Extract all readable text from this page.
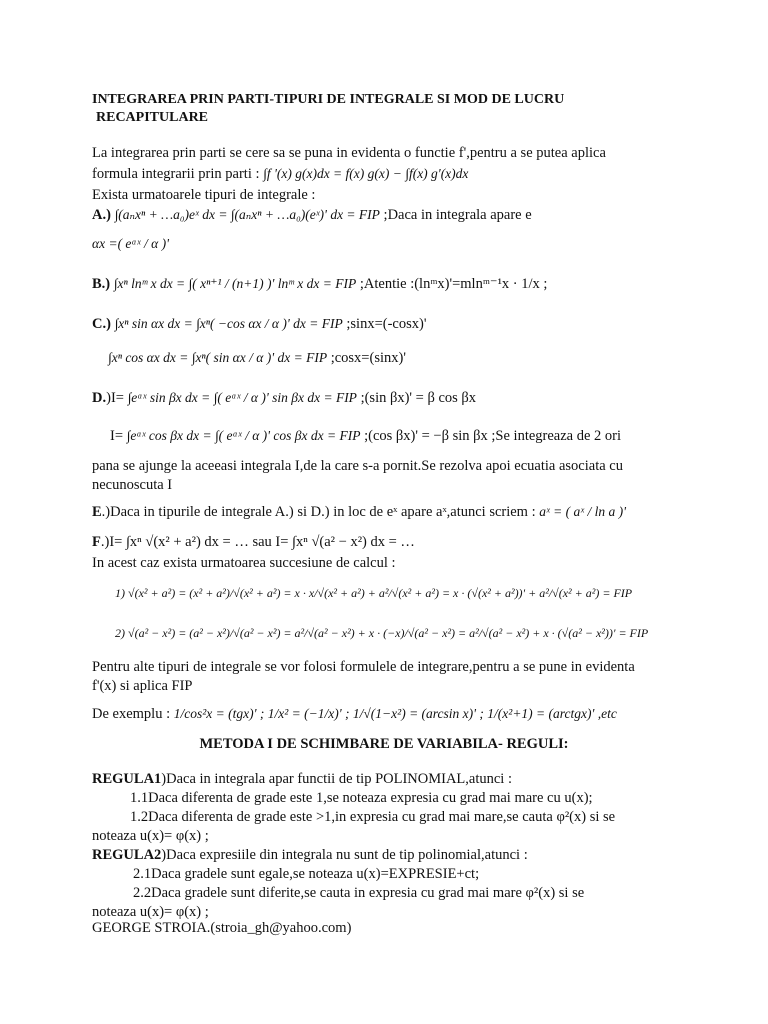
INTEGRAREA PRIN PARTI-TIPURI DE INTEGRALE SI MOD DE LUCRU
RECAPITULARE
La integrarea prin parti se cere sa se puna in evidenta o functie f',pentru a se putea aplica
formula integrarii prin parti : ∫f '(x) g(x)dx = f(x) g(x) − ∫f(x) g'(x)dx
Exista urmatoarele tipuri de integrale :
A.) ∫(aₙxⁿ + …a₀)eˣ dx = ∫(aₙxⁿ + …a₀)(eˣ)' dx = FIP ;Daca in integrala apare e
αx =( eᵅˣ / α )'
B.) ∫xⁿ lnᵐ x dx = ∫( xⁿ⁺¹ / (n+1) )' lnᵐ x dx = FIP ;Atentie :(lnᵐx)'=mlnᵐ⁻¹x · 1/x ;
C.) ∫xⁿ sin αx dx = ∫xⁿ( −cos αx / α )' dx = FIP ;sinx=(-cosx)'
∫xⁿ cos αx dx = ∫xⁿ( sin αx / α )' dx = FIP ;cosx=(sinx)'
D.)I= ∫eᵅˣ sin βx dx = ∫( eᵅˣ / α )' sin βx dx = FIP ;(sin βx)' = β cos βx
I= ∫eᵅˣ cos βx dx = ∫( eᵅˣ / α )' cos βx dx = FIP ;(cos βx)' = −β sin βx ;Se integreaza de 2 ori
pana se ajunge la aceeasi integrala I,de la care s-a pornit.Se rezolva apoi ecuatia asociata cu
necunoscuta I
E.)Daca in tipurile de integrale A.) si D.) in loc de eˣ apare aˣ,atunci scriem : aˣ = ( aˣ / ln a )'
F.)I= ∫xⁿ √(x² + a²) dx = … sau I= ∫xⁿ √(a² − x²) dx = …
In acest caz exista urmatoarea succesiune de calcul :
1) √(x² + a²) = (x² + a²)/√(x² + a²) = x · x/√(x² + a²) + a²/√(x² + a²) = x · (√(x² + a²))' + a²/√(x² + a²) = FIP
2) √(a² − x²) = (a² − x²)/√(a² − x²) = a²/√(a² − x²) + x · (−x)/√(a² − x²) = a²/√(a² − x²) + x · (√(a² − x²))' = FIP
Pentru alte tipuri de integrale se vor folosi formulele de integrare,pentru a se pune in evidenta
f'(x) si aplica FIP
De exemplu : 1/cos²x = (tgx)' ; 1/x² = (−1/x)' ; 1/√(1−x²) = (arcsin x)' ; 1/(x²+1) = (arctgx)' ,etc
METODA I DE SCHIMBARE DE VARIABILA- REGULI:
REGULA1)Daca in integrala apar functii de tip POLINOMIAL,atunci :
1.1Daca diferenta de grade este 1,se noteaza expresia cu grad mai mare cu u(x);
1.2Daca diferenta de grade este >1,in expresia cu grad mai mare,se cauta φ²(x) si se
noteaza u(x)= φ(x) ;
REGULA2)Daca expresiile din integrala nu sunt de tip polinomial,atunci :
2.1Daca gradele sunt egale,se noteaza u(x)=EXPRESIE+ct;
2.2Daca gradele sunt diferite,se cauta in expresia cu grad mai mare φ²(x) si se
noteaza u(x)= φ(x) ;
GEORGE STROIA.(stroia_gh@yahoo.com)
